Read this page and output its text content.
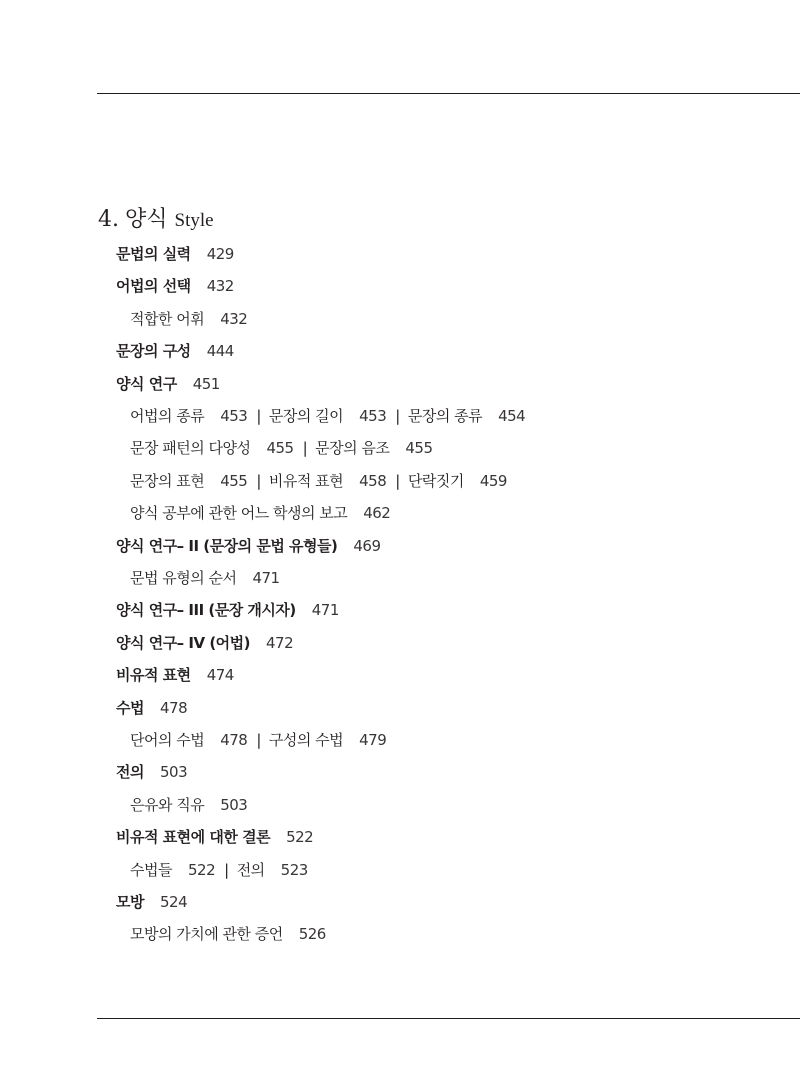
4. 양식 Style
문법의 실력 429
어법의 선택 432
적합한 어휘 432
문장의 구성 444
양식 연구 451
어법의 종류 453 | 문장의 길이 453 | 문장의 종류 454
문장 패턴의 다양성 455 | 문장의 음조 455
문장의 표현 455 | 비유적 표현 458 | 단락짓기 459
양식 공부에 관한 어느 학생의 보고 462
양식 연구– II (문장의 문법 유형들) 469
문법 유형의 순서 471
양식 연구– III (문장 개시자) 471
양식 연구– IV (어법) 472
비유적 표현 474
수법 478
단어의 수법 478 | 구성의 수법 479
전의 503
은유와 직유 503
비유적 표현에 대한 결론 522
수법들 522 | 전의 523
모방 524
모방의 가치에 관한 증언 526
